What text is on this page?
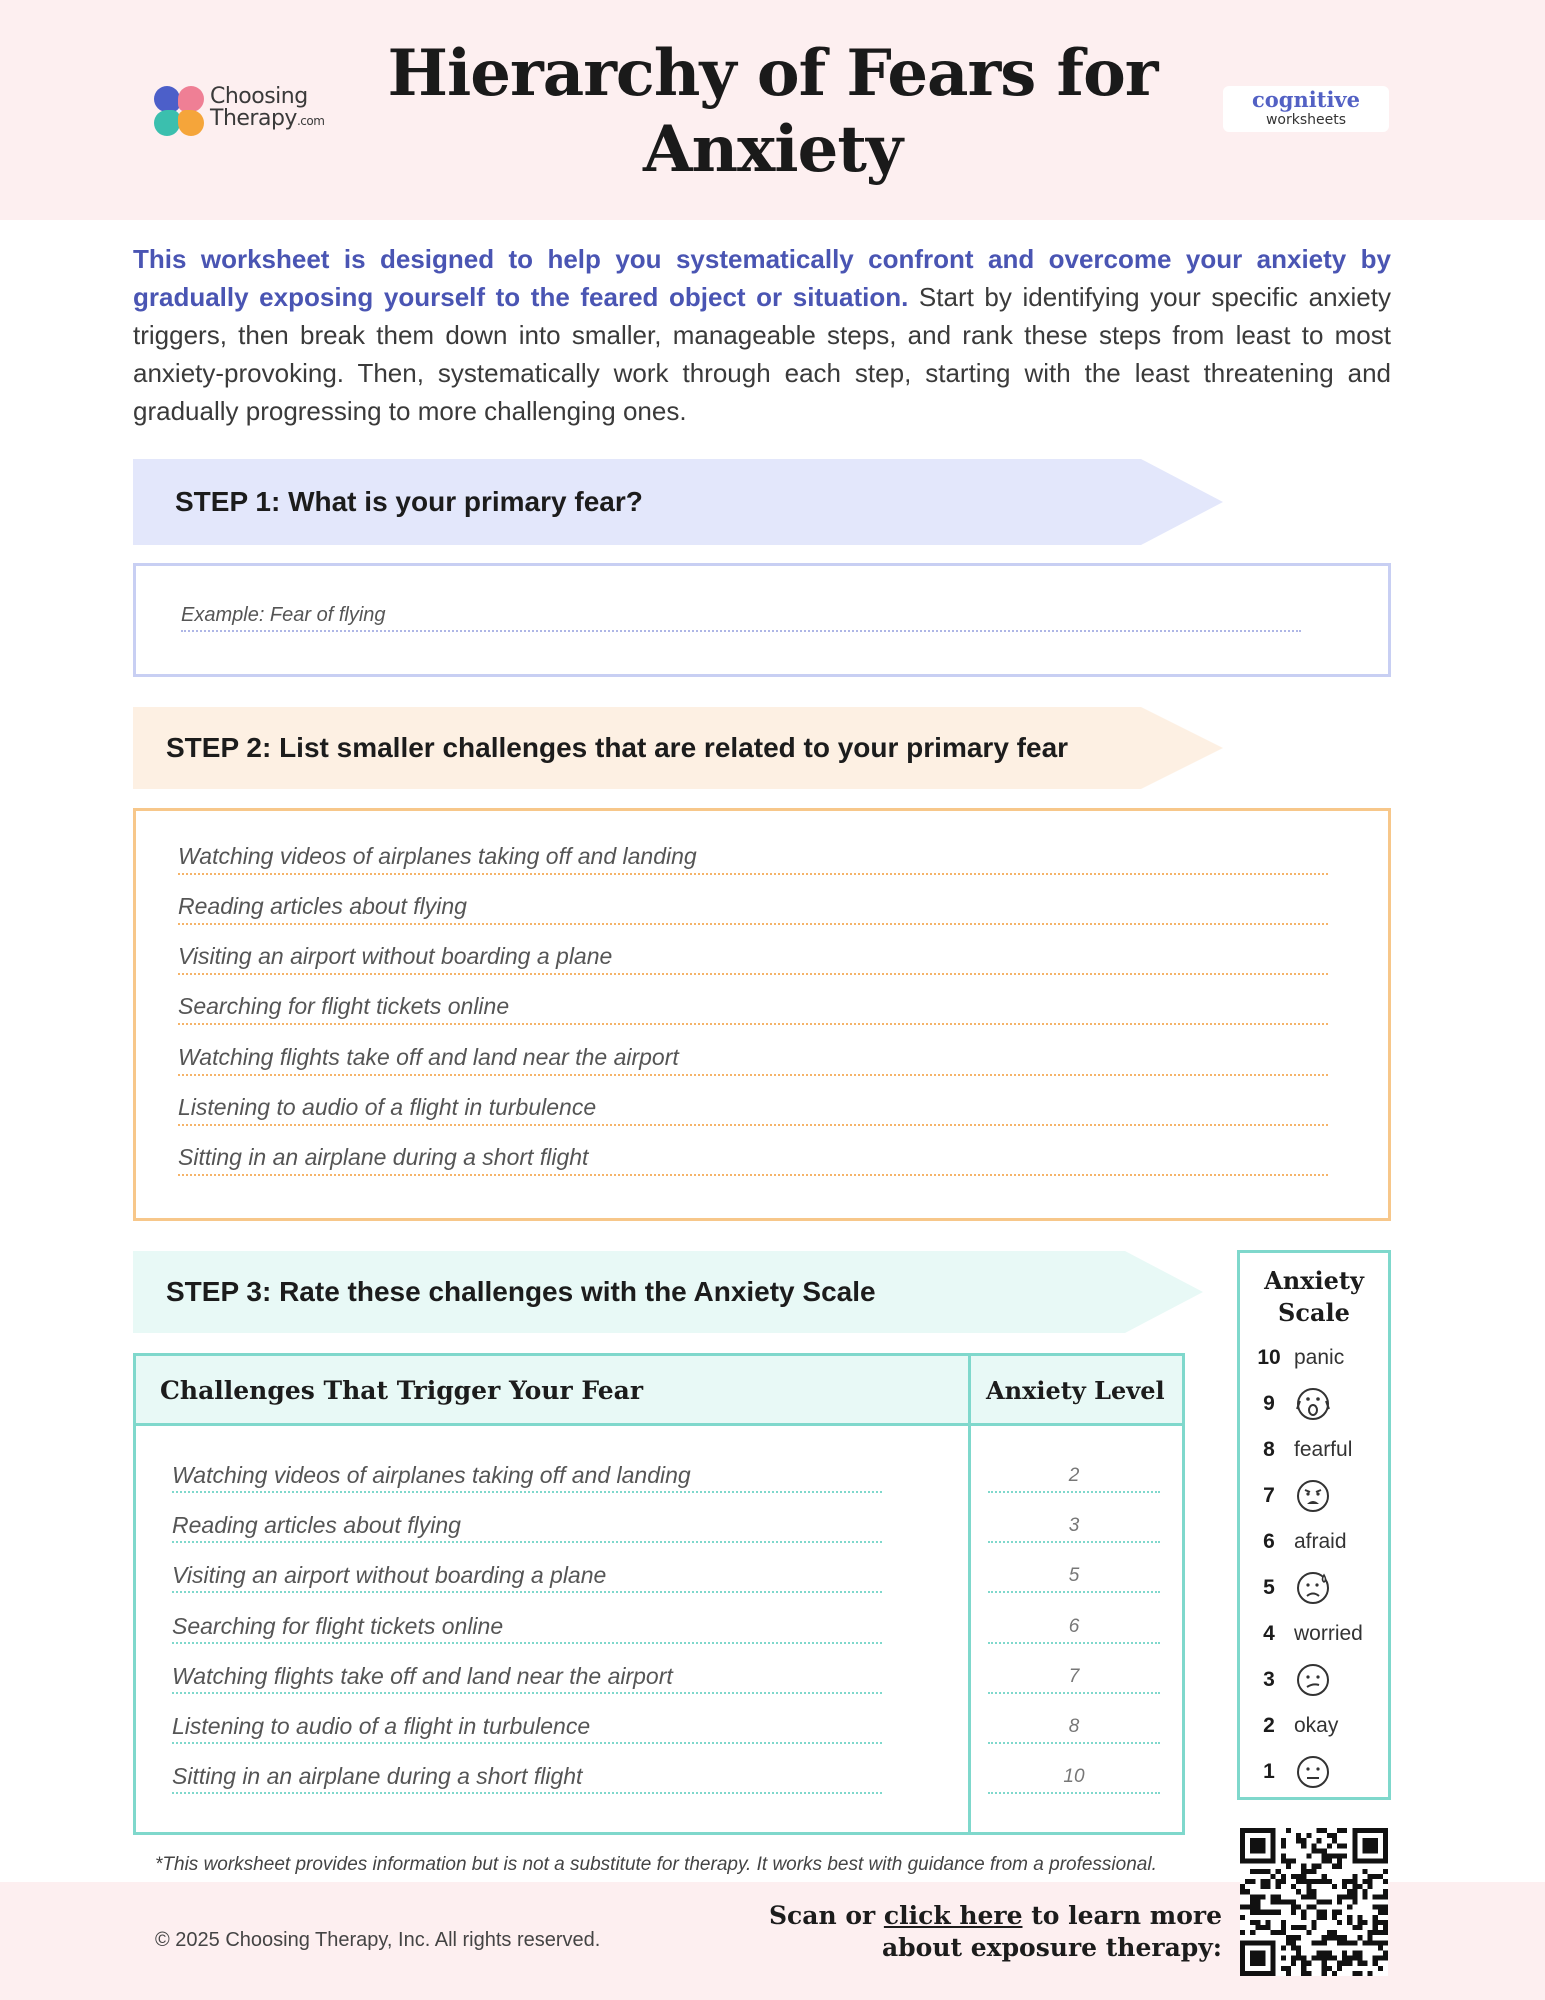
Choosing
Therapy.com
Hierarchy of Fears for
Anxiety
cognitive
worksheets

This worksheet is designed to help you systematically confront and overcome your anxiety by gradually exposing yourself to the feared object or situation. Start by identifying your specific anxiety triggers, then break them down into smaller, manageable steps, and rank these steps from least to most anxiety-provoking. Then, systematically work through each step, starting with the least threatening and gradually progressing to more challenging ones.

STEP 1: What is your primary fear?
Example: Fear of flying
STEP 2: List smaller challenges that are related to your primary fear
Watching videos of airplanes taking off and landing
Reading articles about flying
Visiting an airport without boarding a plane
Searching for flight tickets online
Watching flights take off and land near the airport
Listening to audio of a flight in turbulence
Sitting in an airplane during a short flight
STEP 3: Rate these challenges with the Anxiety Scale
Challenges That Trigger Your Fear	Anxiety Level
Watching videos of airplanes taking off and landing	2
Reading articles about flying	3
Visiting an airport without boarding a plane	5
Searching for flight tickets online	6
Watching flights take off and land near the airport	7
Listening to audio of a flight in turbulence	8
Sitting in an airplane during a short flight	10
Anxiety
Scale
10 panic
9
8 fearful
7
6 afraid
5
4 worried
3
2 okay
1
*This worksheet provides information but is not a substitute for therapy. It works best with guidance from a professional.
© 2025 Choosing Therapy, Inc. All rights reserved.
Scan or click here to learn more
about exposure therapy:
